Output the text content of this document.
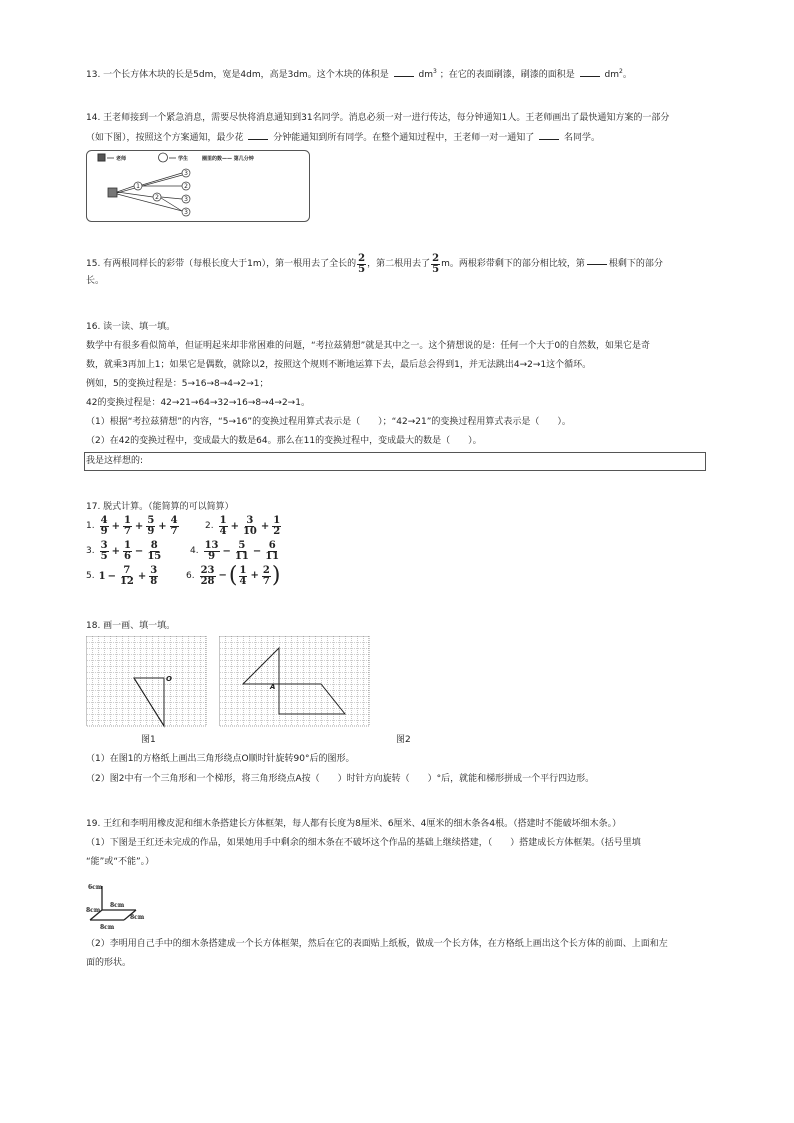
13. 一个长方体木块的长是5dm，宽是4dm，高是3dm。这个木块的体积是	$dm^3$ ；在它的表面刷漆，刷漆的面积是	$dm^2$。
14. 王老师接到一个紧急消息，需要尽快将消息通知到31名同学。消息必须一对一进行传达，每分钟通知1人。王老师画出了最快通知方案的一部分
（如下图），按照这个方案通知，最少花	分钟能通知到所有同学。在整个通知过程中，王老师一对一通知了	名同学。
老师	学生	圈里的数—— 第几分钟
1
2
2
3
3
3
15. 有两根同样长的彩带（每根长度大于1m），第一根用去了全长的 $\frac{2}{5}$ ，第二根用去了 $\frac{2}{5}$ m。两根彩带剩下的部分相比较，第	根剩下的部分
长。
16. 读一读、填一填。
数学中有很多看似简单，但证明起来却非常困难的问题，“考拉兹猜想”就是其中之一。这个猜想说的是：任何一个大于0的自然数，如果它是奇
数，就乘3再加上1；如果它是偶数，就除以2，按照这个规则不断地运算下去，最后总会得到1，并无法跳出4→2→1这个循环。
例如，5的变换过程是：5→16→8→4→2→1；
42的变换过程是：42→21→64→32→16→8→4→2→1。
（1）根据“考拉兹猜想”的内容，“5→16”的变换过程用算式表示是（　　）；“42→21”的变换过程用算式表示是（　　）。
（2）在42的变换过程中，变成最大的数是64。那么在11的变换过程中，变成最大的数是（　　）。
我是这样想的:
17. 脱式计算。（能简算的可以简算）
1. $\frac{4}{9} + \frac{1}{7} + \frac{5}{9} + \frac{4}{7}$	2. $\frac{1}{4} + \frac{3}{10} + \frac{1}{2}$
3. $\frac{3}{5} + \frac{1}{6} - \frac{8}{15}$	4. $\frac{13}{9} - \frac{5}{11} - \frac{6}{11}$
5. $1 - \frac{7}{12} + \frac{3}{8}$	6. $\frac{23}{28}$ − ( $\frac{1}{4} + \frac{2}{7}$ )
18. 画一画、填一填。
O
A
图1	图2
（1）在图1的方格纸上画出三角形绕点O顺时针旋转90°后的图形。
（2）图2中有一个三角形和一个梯形，将三角形绕点A按（　　）时针方向旋转（　　）°后，就能和梯形拼成一个平行四边形。
19. 王红和李明用橡皮泥和细木条搭建长方体框架，每人都有长度为8厘米、6厘米、4厘米的细木条各4根。（搭建时不能破坏细木条。）
（1）下图是王红还未完成的作品，如果她用手中剩余的细木条在不破坏这个作品的基础上继续搭建，（　　）搭建成长方体框架。（括号里填
“能”或“不能”。）
6cm
8cm
8cm
8cm
8cm
（2）李明用自己手中的细木条搭建成一个长方体框架，然后在它的表面贴上纸板，做成一个长方体，在方格纸上画出这个长方体的前面、上面和左
面的形状。
